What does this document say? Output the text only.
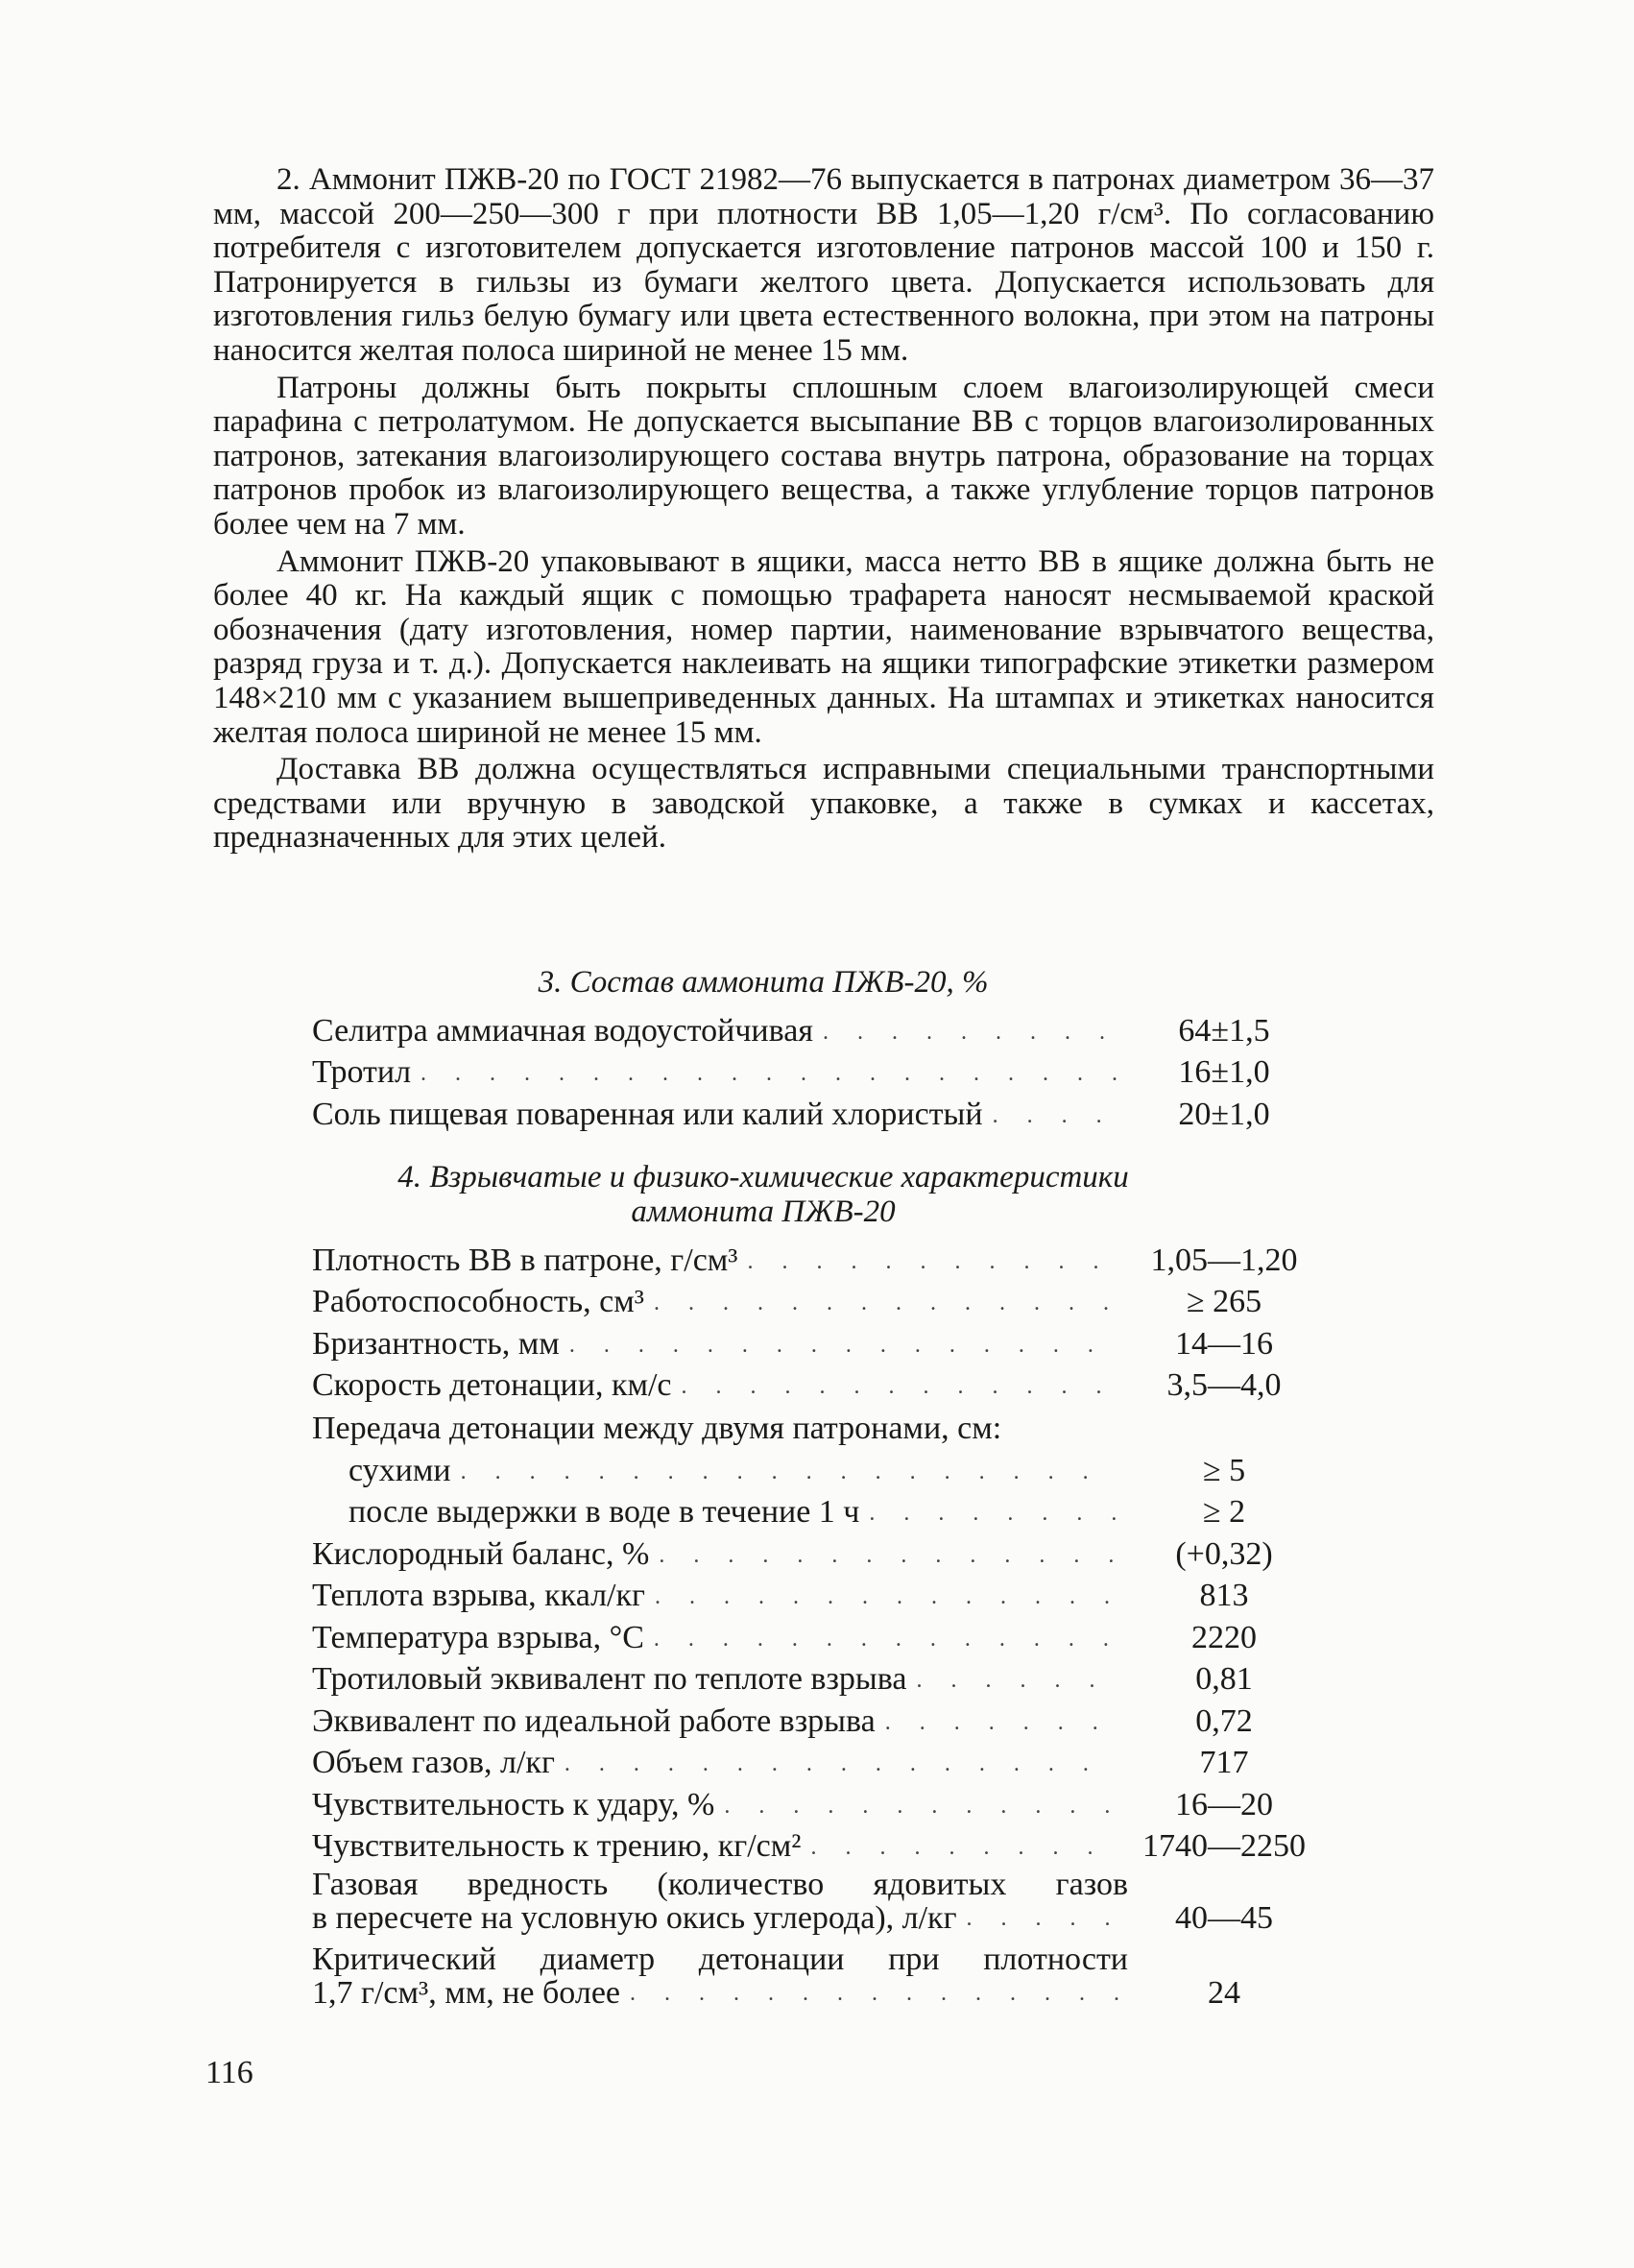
2. Аммонит ПЖВ-20 по ГОСТ 21982—76 выпускается в патронах диаметром 36—37 мм, массой 200—250—300 г при плотности ВВ 1,05—1,20 г/см³. По согласованию потребителя с изготовителем допускается изготовление патронов массой 100 и 150 г. Патронируется в гильзы из бумаги желтого цвета. Допускается использовать для изготовления гильз белую бумагу или цвета естественного волокна, при этом на патроны наносится желтая полоса шириной не менее 15 мм.

Патроны должны быть покрыты сплошным слоем влагоизолирующей смеси парафина с петролатумом. Не допускается высыпание ВВ с торцов влагоизолированных патронов, затекания влагоизолирующего состава внутрь патрона, образование на торцах патронов пробок из влагоизолирующего вещества, а также углубление торцов патронов более чем на 7 мм.

Аммонит ПЖВ-20 упаковывают в ящики, масса нетто ВВ в ящике должна быть не более 40 кг. На каждый ящик с помощью трафарета наносят несмываемой краской обозначения (дату изготовления, номер партии, наименование взрывчатого вещества, разряд груза и т. д.). Допускается наклеивать на ящики типографские этикетки размером 148×210 мм с указанием вышеприведенных данных. На штампах и этикетках наносится желтая полоса шириной не менее 15 мм.

Доставка ВВ должна осуществляться исправными специальными транспортными средствами или вручную в заводской упаковке, а также в сумках и кассетах, предназначенных для этих целей.

3. Состав аммонита ПЖВ-20, %
Селитра аммиачная водоустойчивая . . .	64±1,5
Тротил . . .	16±1,0
Соль пищевая поваренная или калий хлористый . . .	20±1,0
4. Взрывчатые и физико-химические характеристики
аммонита ПЖВ-20
Плотность ВВ в патроне, г/см³ . . .	1,05—1,20
Работоспособность, см³ . . .	≥ 265
Бризантность, мм . . .	14—16
Скорость детонации, км/с . . .	3,5—4,0
Передача детонации между двумя патронами, см:
сухими . . .	≥ 5
после выдержки в воде в течение 1 ч . . .	≥ 2
Кислородный баланс, % . . .	(+0,32)
Теплота взрыва, ккал/кг . . .	813
Температура взрыва, °С . . .	2220
Тротиловый эквивалент по теплоте взрыва . . .	0,81
Эквивалент по идеальной работе взрыва . . .	0,72
Объем газов, л/кг . . .	717
Чувствительность к удару, % . . .	16—20
Чувствительность к трению, кг/см² . . .	1740—2250
Газовая вредность (количество ядовитых газов
в пересчете на условную окись углерода), л/кг . . .	40—45
Критический диаметр детонации при плотности
1,7 г/см³, мм, не более . . .	24
116
